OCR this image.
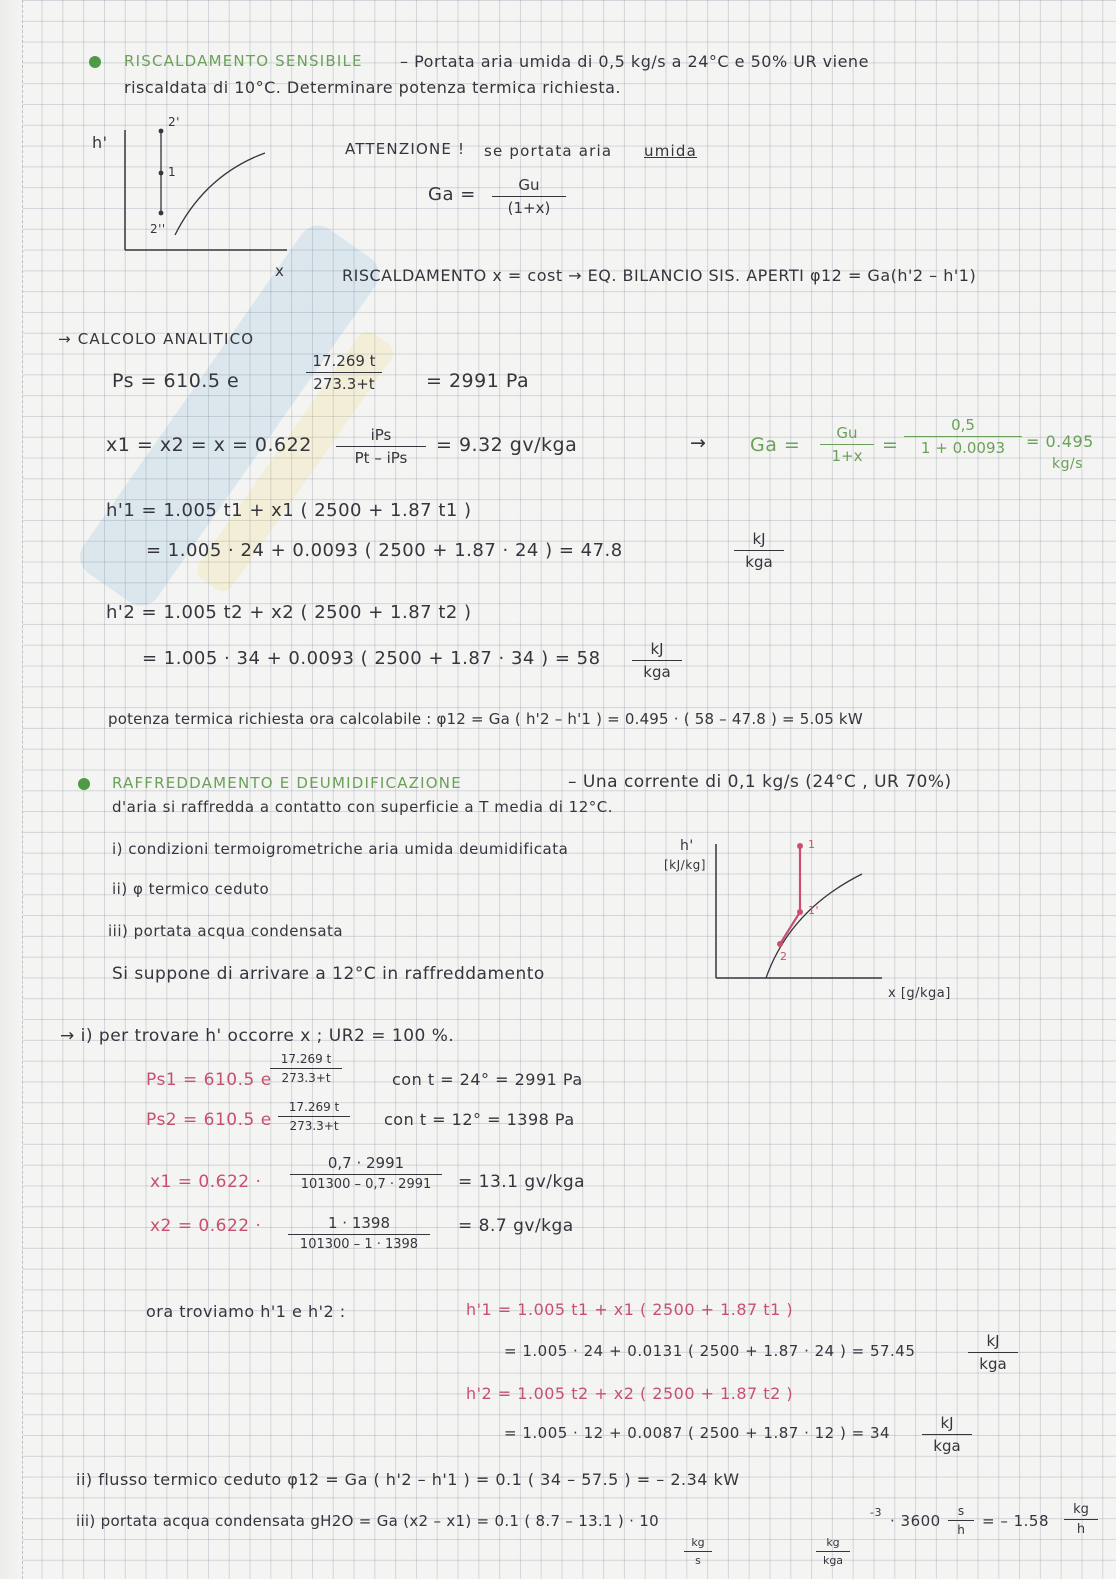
RISCALDAMENTO SENSIBILE – Portata aria umida di 0,5 kg/s a 24°C e 50% UR viene
riscaldata di 10°C. Determinare potenza termica richiesta.
h'
2'
1
2''
x
ATTENZIONE ! se portata aria umida
$Ga = \frac{Gu}{(1+x)}$
RISCALDAMENTO x = cost → EQ. BILANCIO SIS. APERTI φ12 = Ga(h'2 – h'1)
→ CALCOLO ANALITICO
Ps = 610.5 e	$\frac{17.269 t}{273.3+t} = 2991$ Pa
x1 = x2 = x = 0.622	iPs
Pt – iPs
= 9.32 gv/kga	→ $Ga = \frac{Gu}{1+x} = \frac{0,5}{1 + 0.0093} = 0.495$
kg/s
h'1 = 1.005 t1 + x1 ( 2500 + 1.87 t1 )
= 1.005 · 24 + 0.0093 ( 2500 + 1.87 · 24 ) = 47.8
kJ
kga
h'2 = 1.005 t2 + x2 ( 2500 + 1.87 t2 )
= 1.005 · 34 + 0.0093 ( 2500 + 1.87 · 34 ) = 58	kJ
kga
potenza termica richiesta ora calcolabile : φ12 = Ga ( h'2 – h'1 ) = 0.495 · ( 58 – 47.8 ) = 5.05 kW
RAFFREDDAMENTO E DEUMIDIFICAZIONE	– Una corrente di 0,1 kg/s (24°C , UR 70%)
d'aria si raffredda a contatto con superficie a T media di 12°C.
i) condizioni termoigrometriche aria umida deumidificata
ii) φ termico ceduto
iii) portata acqua condensata
Si suppone di arrivare a 12°C in raffreddamento
h'
[kJ/kg]
1
1'
2
x [g/kga]
→ i) per trovare h' occorre x ; UR2 = 100 %.
Ps1 = 610.5 e
$\frac{17.269 t}{273.3+t}$	con t = 24° = 2991 Pa
Ps2 = 610.5 e $\frac{17.269 t}{273.3+t}$ con t = 12° = 1398 Pa
$x1 = 0.622 \cdot \frac{0,7 \cdot 2991}{101300 - 0,7 \cdot 2991} = 13.1$ gv/kga
$x2 = 0.622 \cdot \frac{1 \cdot 1398}{101300 - 1 \cdot 1398} = 8.7$ gv/kga
ora troviamo h'1 e h'2 :	h'1 = 1.005 t1 + x1 ( 2500 + 1.87 t1 )
= 1.005 · 24 + 0.0131 ( 2500 + 1.87 · 24 ) = 57.45
kJ
kga
h'2 = 1.005 t2 + x2 ( 2500 + 1.87 t2 )
= 1.005 · 12 + 0.0087 ( 2500 + 1.87 · 12 ) = 34
kJ
kga
ii) flusso termico ceduto φ12 = Ga ( h'2 – h'1 ) = 0.1 ( 34 – 57.5 ) = – 2.34 kW
iii) portata acqua condensata gH2O = Ga (x2 – x1) = 0.1 ( 8.7 – 13.1 ) · 10	$-3 \cdot 3600 \frac{s}{h}$ = – $1.58 \frac{kg}{h}$
$\frac{kg}{s}$	kg
kga
